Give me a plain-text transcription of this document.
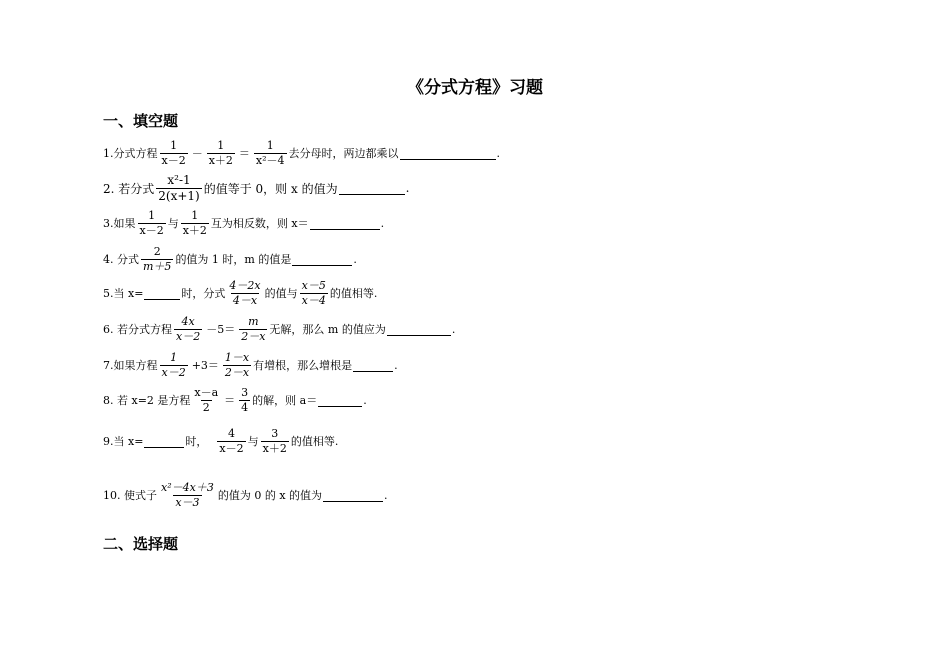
《分式方程》习题
一、填空题
1.分式方程 $\frac{1}{x-2} - \frac{1}{x+2} = \frac{1}{\text{x²－4}}$ 去分母时，两边都乘以	.
2. 若分式 $\frac{\text{x²-1}}{2(x+1)}$ 的值等于 0，则 x 的值为	.
3.如果 $\frac{1}{x-2}$ 与 $\frac{1}{x+2}$ 互为相反数，则 x＝	.
4. 分式 $\frac{2}{m+5}$ 的值为 1 时，m 的值是	.
5.当 x=	时，分式 $\frac{4-2x}{4-x}$ 的值与 $\frac{x-5}{x-4}$ 的值相等.
6. 若分式方程 $\frac{4x}{x-2} -5= \frac{m}{2-x}$ 无解，那么 m 的值应为	.
7.如果方程 $\frac{1}{x-2} +3= \frac{1-x}{2-x}$ 有增根，那么增根是	.
8. 若 x=2 是方程 $\frac{x-a}{2} = \frac{3}{4}$ 的解，则 a＝	.
9.当 x=	时， $\frac{4}{x-2}$ 与 $\frac{3}{x+2}$ 的值相等.
10. 使式子 $\frac{\text{x²－4x＋3}}{x-3}$ 的值为 0 的 x 的值为	.
二、选择题
